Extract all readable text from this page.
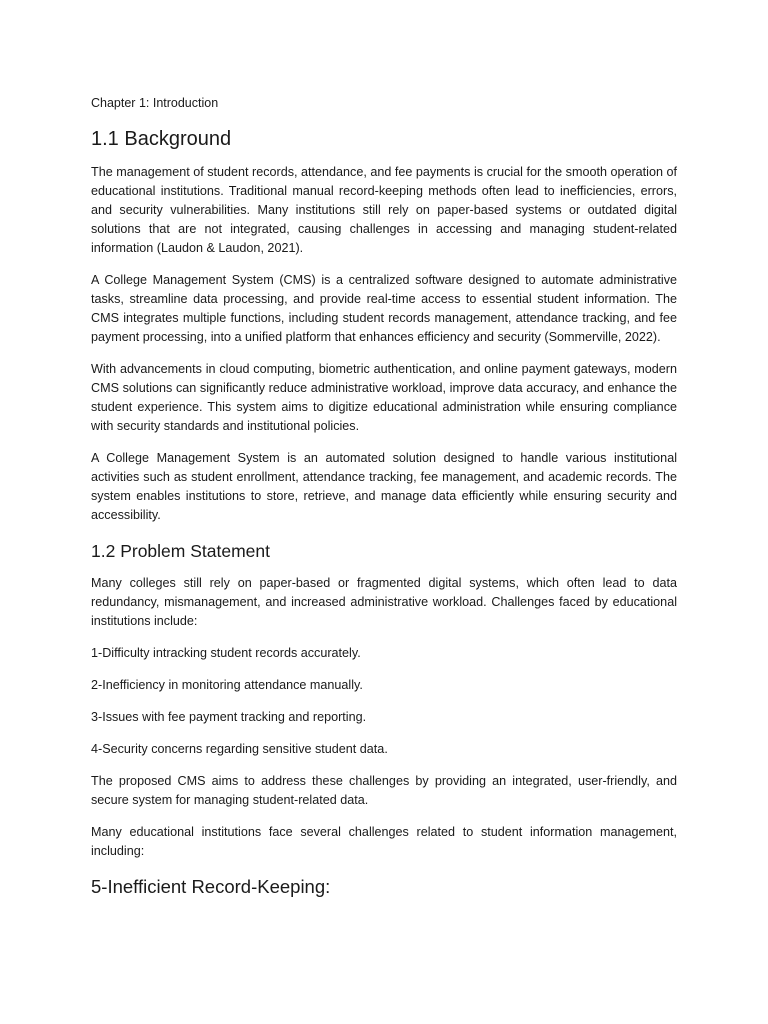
Chapter 1: Introduction
1.1 Background

The management of student records, attendance, and fee payments is crucial for the smooth operation of educational institutions. Traditional manual record-keeping methods often lead to inefficiencies, errors, and security vulnerabilities. Many institutions still rely on paper-based systems or outdated digital solutions that are not integrated, causing challenges in accessing and managing student-related information (Laudon & Laudon, 2021).

A College Management System (CMS) is a centralized software designed to automate administrative tasks, streamline data processing, and provide real-time access to essential student information. The CMS integrates multiple functions, including student records management, attendance tracking, and fee payment processing, into a unified platform that enhances efficiency and security (Sommerville, 2022).

With advancements in cloud computing, biometric authentication, and online payment gateways, modern CMS solutions can significantly reduce administrative workload, improve data accuracy, and enhance the student experience. This system aims to digitize educational administration while ensuring compliance with security standards and institutional policies.

A College Management System is an automated solution designed to handle various institutional activities such as student enrollment, attendance tracking, fee management, and academic records. The system enables institutions to store, retrieve, and manage data efficiently while ensuring security and accessibility.

1.2 Problem Statement

Many colleges still rely on paper-based or fragmented digital systems, which often lead to data redundancy, mismanagement, and increased administrative workload. Challenges faced by educational institutions include:

1-Difficulty intracking student records accurately.

2-Inefficiency in monitoring attendance manually.

3-Issues with fee payment tracking and reporting.

4-Security concerns regarding sensitive student data.

The proposed CMS aims to address these challenges by providing an integrated, user-friendly, and secure system for managing student-related data.

Many educational institutions face several challenges related to student information management, including:

5-Inefficient Record-Keeping:
